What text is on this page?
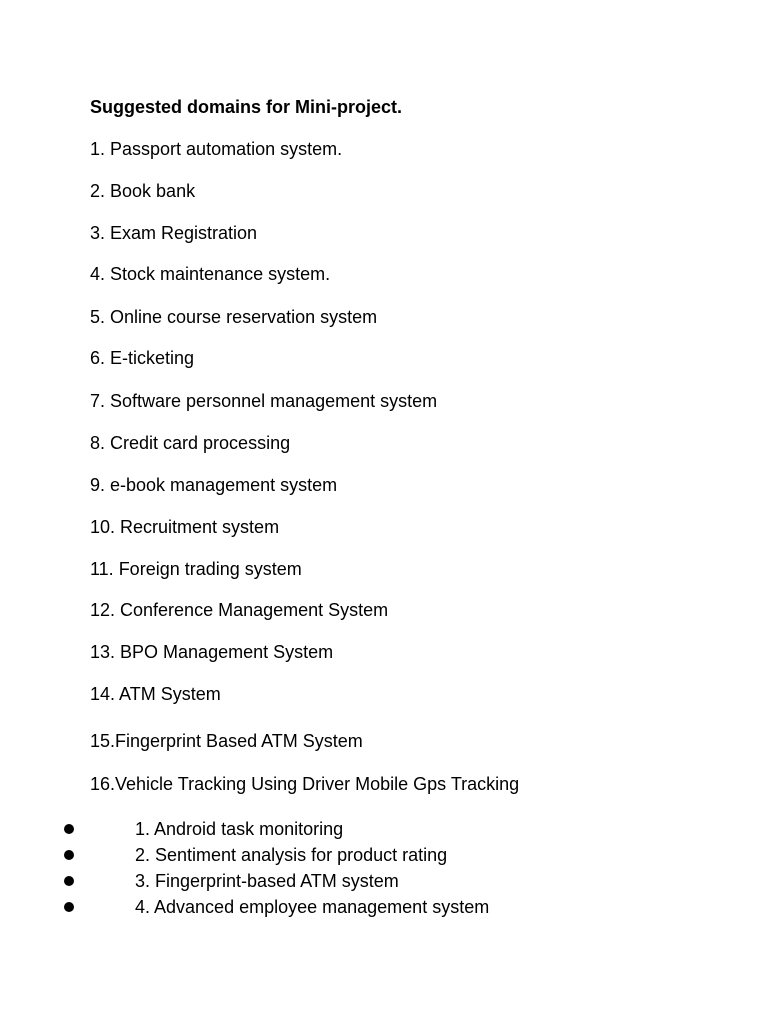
Suggested domains for Mini-project.
1. Passport automation system.
2. Book bank
3. Exam Registration
4. Stock maintenance system.
5. Online course reservation system
6. E-ticketing
7. Software personnel management system
8. Credit card processing
9. e-book management system
10. Recruitment system
11. Foreign trading system
12. Conference Management System
13. BPO Management System
14. ATM System
15.Fingerprint Based ATM System
16.Vehicle Tracking Using Driver Mobile Gps Tracking
1. Android task monitoring
2. Sentiment analysis for product rating
3. Fingerprint-based ATM system
4. Advanced employee management system
